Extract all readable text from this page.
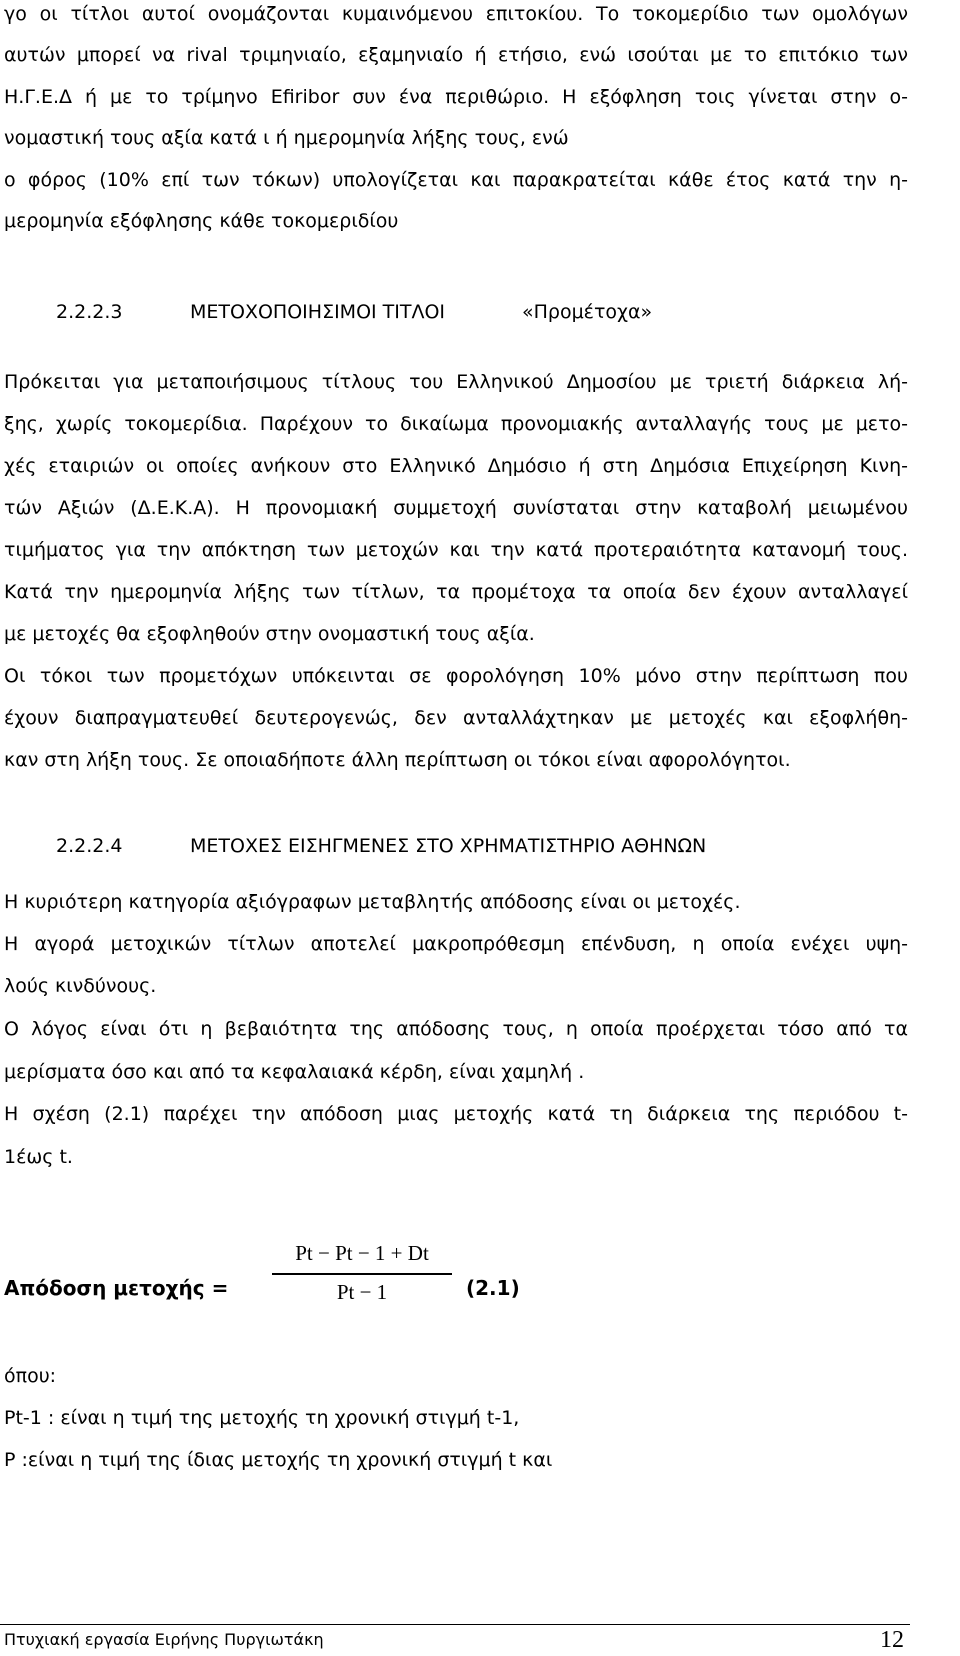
γο οι τίτλοι αυτοί ονομάζονται κυμαινόμενου επιτοκίου. Το τοκομερίδιο των ομολόγων
αυτών μπορεί να rival τριμηνιαίο, εξαμηνιαίο ή ετήσιο, ενώ ισούται με το επιτόκιο των
Η.Γ.Ε.Δ ή με το τρίμηνο Efiribor συν ένα περιθώριο. Η εξόφληση τοις γίνεται στην ο-
νομαστική τους αξία κατά ι ή ημερομηνία λήξης τους, ενώ
ο φόρος (10% επί των τόκων) υπολογίζεται και παρακρατείται κάθε έτος κατά την η-
μερομηνία εξόφλησης κάθε τοκομεριδίου
2.2.2.3	ΜΕΤΟΧΟΠΟΙΗΣΙΜΟΙ ΤΙΤΛΟΙ	«Προμέτοχα»
Πρόκειται για μεταποιήσιμους τίτλους του Ελληνικού Δημοσίου με τριετή διάρκεια λή-
ξης, χωρίς τοκομερίδια. Παρέχουν το δικαίωμα προνομιακής ανταλλαγής τους με μετο-
χές εταιριών οι οποίες ανήκουν στο Ελληνικό Δημόσιο ή στη Δημόσια Επιχείρηση Κινη-
τών Αξιών (Δ.Ε.Κ.Α). Η προνομιακή συμμετοχή συνίσταται στην καταβολή μειωμένου
τιμήματος για την απόκτηση των μετοχών και την κατά προτεραιότητα κατανομή τους.
Κατά την ημερομηνία λήξης των τίτλων, τα προμέτοχα τα οποία δεν έχουν ανταλλαγεί
με μετοχές θα εξοφληθούν στην ονομαστική τους αξία.
Οι τόκοι των προμετόχων υπόκεινται σε φορολόγηση 10% μόνο στην περίπτωση που
έχουν διαπραγματευθεί δευτερογενώς, δεν ανταλλάχτηκαν με μετοχές και εξοφλήθη-
καν στη λήξη τους. Σε οποιαδήποτε άλλη περίπτωση οι τόκοι είναι αφορολόγητοι.
2.2.2.4	ΜΕΤΟΧΕΣ ΕΙΣΗΓΜΕΝΕΣ ΣΤΟ ΧΡΗΜΑΤΙΣΤΗΡΙΟ ΑΘΗΝΩΝ
Η κυριότερη κατηγορία αξιόγραφων μεταβλητής απόδοσης είναι οι μετοχές.
Η αγορά μετοχικών τίτλων αποτελεί μακροπρόθεσμη επένδυση, η οποία ενέχει υψη-
λούς κινδύνους.
Ο λόγος είναι ότι η βεβαιότητα της απόδοσης τους, η οποία προέρχεται τόσο από τα
μερίσματα όσο και από τα κεφαλαιακά κέρδη, είναι χαμηλή .
Η σχέση (2.1) παρέχει την απόδοση μιας μετοχής κατά τη διάρκεια της περιόδου t-
1έως t.
Απόδοση μετοχής =
Pt − Pt − 1 + Dt
Pt − 1	(2.1)
όπου:
Pt-1 : είναι η τιμή της μετοχής τη χρονική στιγμή t-1,
P :είναι η τιμή της ίδιας μετοχής τη χρονική στιγμή t και
Πτυχιακή εργασία Ειρήνης Πυργιωτάκη	12
